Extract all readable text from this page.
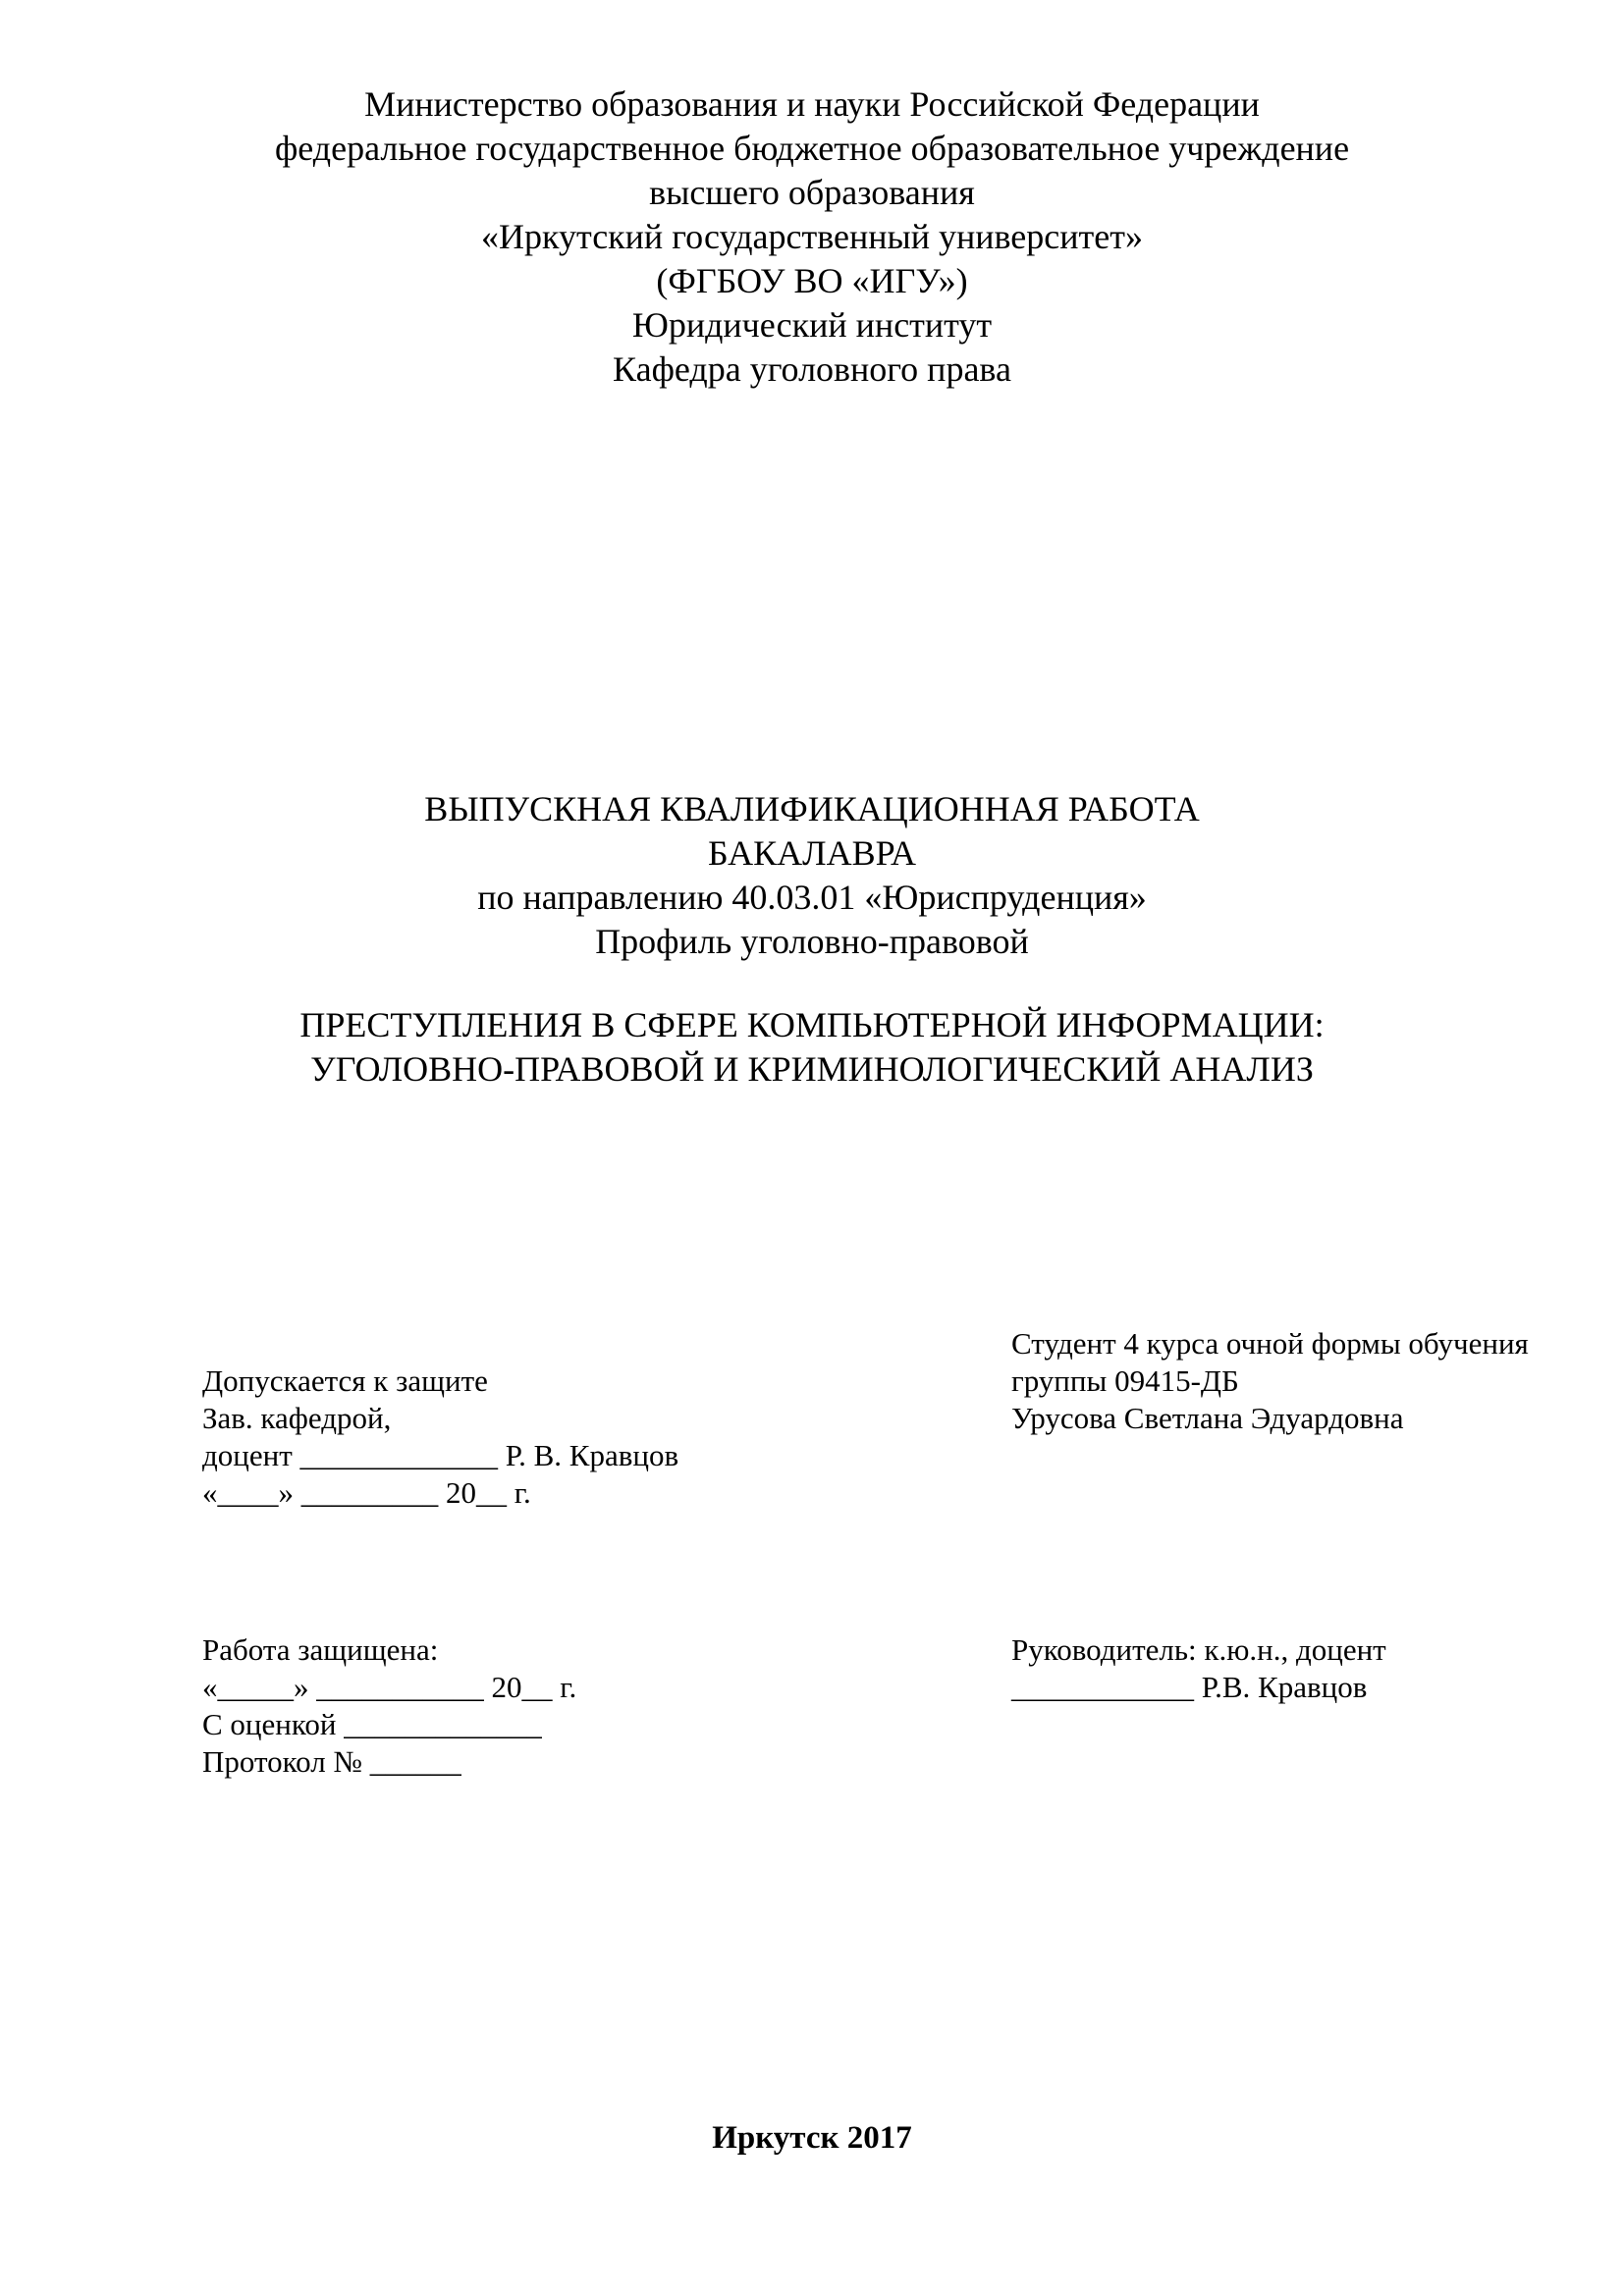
Министерство образования и науки Российской Федерации
федеральное государственное бюджетное образовательное учреждение
высшего образования
«Иркутский государственный университет»
(ФГБОУ ВО «ИГУ»)
Юридический институт
Кафедра уголовного права
ВЫПУСКНАЯ КВАЛИФИКАЦИОННАЯ РАБОТА
БАКАЛАВРА
по направлению 40.03.01 «Юриспруденция»
Профиль уголовно-правовой
ПРЕСТУПЛЕНИЯ В СФЕРЕ КОМПЬЮТЕРНОЙ ИНФОРМАЦИИ:
УГОЛОВНО-ПРАВОВОЙ И КРИМИНОЛОГИЧЕСКИЙ АНАЛИЗ
Студент 4 курса очной формы обучения
группы 09415-ДБ
Урусова Светлана Эдуардовна
Допускается к защите
Зав. кафедрой,
доцент _____________ Р. В. Кравцов
«____» _________ 20__ г.
Работа защищена:
«_____» ___________ 20__ г.
С оценкой _____________
Протокол № ______
Руководитель: к.ю.н., доцент
____________ Р.В. Кравцов
Иркутск 2017
